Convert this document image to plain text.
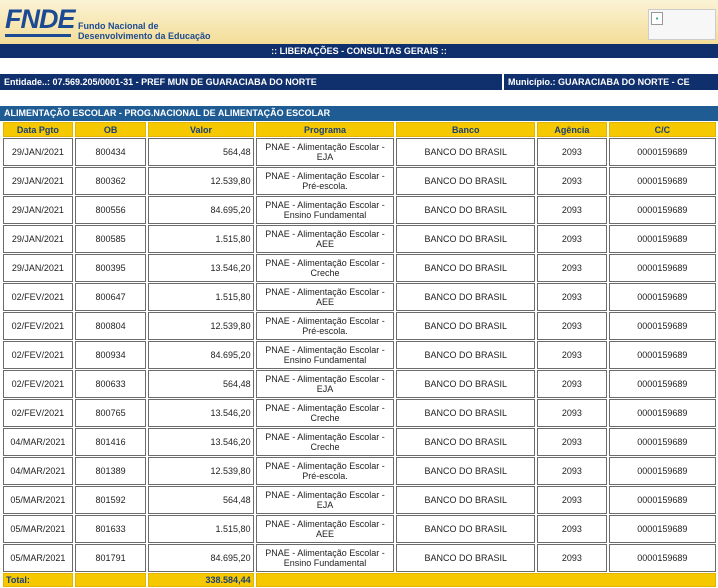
FNDE Fundo Nacional de
Desenvolvimento da Educação
▪
:: LIBERAÇÕES - CONSULTAS GERAIS ::
Entidade..: 07.569.205/0001-31 - PREF MUN DE GUARACIABA DO NORTE	Município.: GUARACIABA DO NORTE - CE
ALIMENTAÇÃO ESCOLAR - PROG.NACIONAL DE ALIMENTAÇÃO ESCOLAR
Data Pgto	OB	Valor	Programa	Banco	Agência	C/C
29/JAN/2021	800434	564,48	PNAE - Alimentação Escolar -
EJA	BANCO DO BRASIL	2093	0000159689
29/JAN/2021	800362	12.539,80	PNAE - Alimentação Escolar -
Pré-escola.	BANCO DO BRASIL	2093	0000159689
29/JAN/2021	800556	84.695,20	PNAE - Alimentação Escolar -
Ensino Fundamental	BANCO DO BRASIL	2093	0000159689
29/JAN/2021	800585	1.515,80	PNAE - Alimentação Escolar -
AEE	BANCO DO BRASIL	2093	0000159689
29/JAN/2021	800395	13.546,20	PNAE - Alimentação Escolar -
Creche	BANCO DO BRASIL	2093	0000159689
02/FEV/2021	800647	1.515,80	PNAE - Alimentação Escolar -
AEE	BANCO DO BRASIL	2093	0000159689
02/FEV/2021	800804	12.539,80	PNAE - Alimentação Escolar -
Pré-escola.	BANCO DO BRASIL	2093	0000159689
02/FEV/2021	800934	84.695,20	PNAE - Alimentação Escolar -
Ensino Fundamental	BANCO DO BRASIL	2093	0000159689
02/FEV/2021	800633	564,48	PNAE - Alimentação Escolar -
EJA	BANCO DO BRASIL	2093	0000159689
02/FEV/2021	800765	13.546,20	PNAE - Alimentação Escolar -
Creche	BANCO DO BRASIL	2093	0000159689
04/MAR/2021	801416	13.546,20	PNAE - Alimentação Escolar -
Creche	BANCO DO BRASIL	2093	0000159689
04/MAR/2021	801389	12.539,80	PNAE - Alimentação Escolar -
Pré-escola.	BANCO DO BRASIL	2093	0000159689
05/MAR/2021	801592	564,48	PNAE - Alimentação Escolar -
EJA	BANCO DO BRASIL	2093	0000159689
05/MAR/2021	801633	1.515,80	PNAE - Alimentação Escolar -
AEE	BANCO DO BRASIL	2093	0000159689
05/MAR/2021	801791	84.695,20	PNAE - Alimentação Escolar -
Ensino Fundamental	BANCO DO BRASIL	2093	0000159689
Total:		338.584,44				
